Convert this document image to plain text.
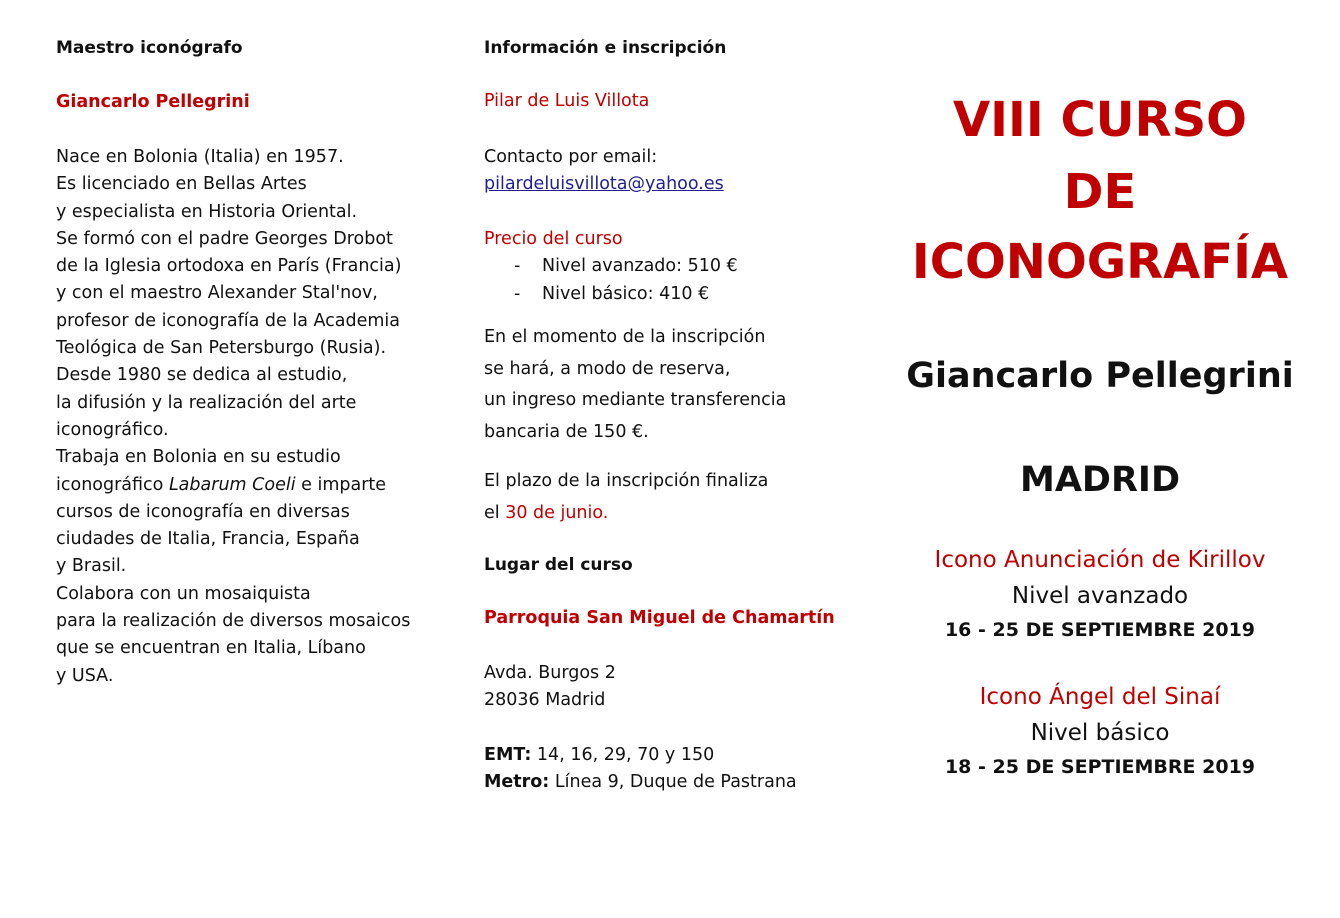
Maestro iconógrafo
Giancarlo Pellegrini
Nace en Bolonia (Italia) en 1957.
Es licenciado en Bellas Artes
y especialista en Historia Oriental.
Se formó con el padre Georges Drobot
de la Iglesia ortodoxa en París (Francia)
y con el maestro Alexander Stal'nov,
profesor de iconografía de la Academia
Teológica de San Petersburgo (Rusia).
Desde 1980 se dedica al estudio,
la difusión y la realización del arte
iconográfico.
Trabaja en Bolonia en su estudio
iconográfico Labarum Coeli e imparte
cursos de iconografía en diversas
ciudades de Italia, Francia, España
y Brasil.
Colabora con un mosaiquista
para la realización de diversos mosaicos
que se encuentran en Italia, Líbano
y USA.
Información e inscripción
Pilar de Luis Villota
Contacto por email:
pilardeluisvillota@yahoo.es
Precio del curso
- Nivel avanzado: 510 €
- Nivel básico: 410 €
En el momento de la inscripción
se hará, a modo de reserva,
un ingreso mediante transferencia
bancaria de 150 €.
El plazo de la inscripción finaliza
el 30 de junio.
Lugar del curso
Parroquia San Miguel de Chamartín
Avda. Burgos 2
28036 Madrid
EMT: 14, 16, 29, 70 y 150
Metro: Línea 9, Duque de Pastrana
VIII CURSO
DE
ICONOGRAFÍA
Giancarlo Pellegrini
MADRID
Icono Anunciación de Kirillov
Nivel avanzado
16 - 25 DE SEPTIEMBRE 2019
Icono Ángel del Sinaí
Nivel básico
18 - 25 DE SEPTIEMBRE 2019
